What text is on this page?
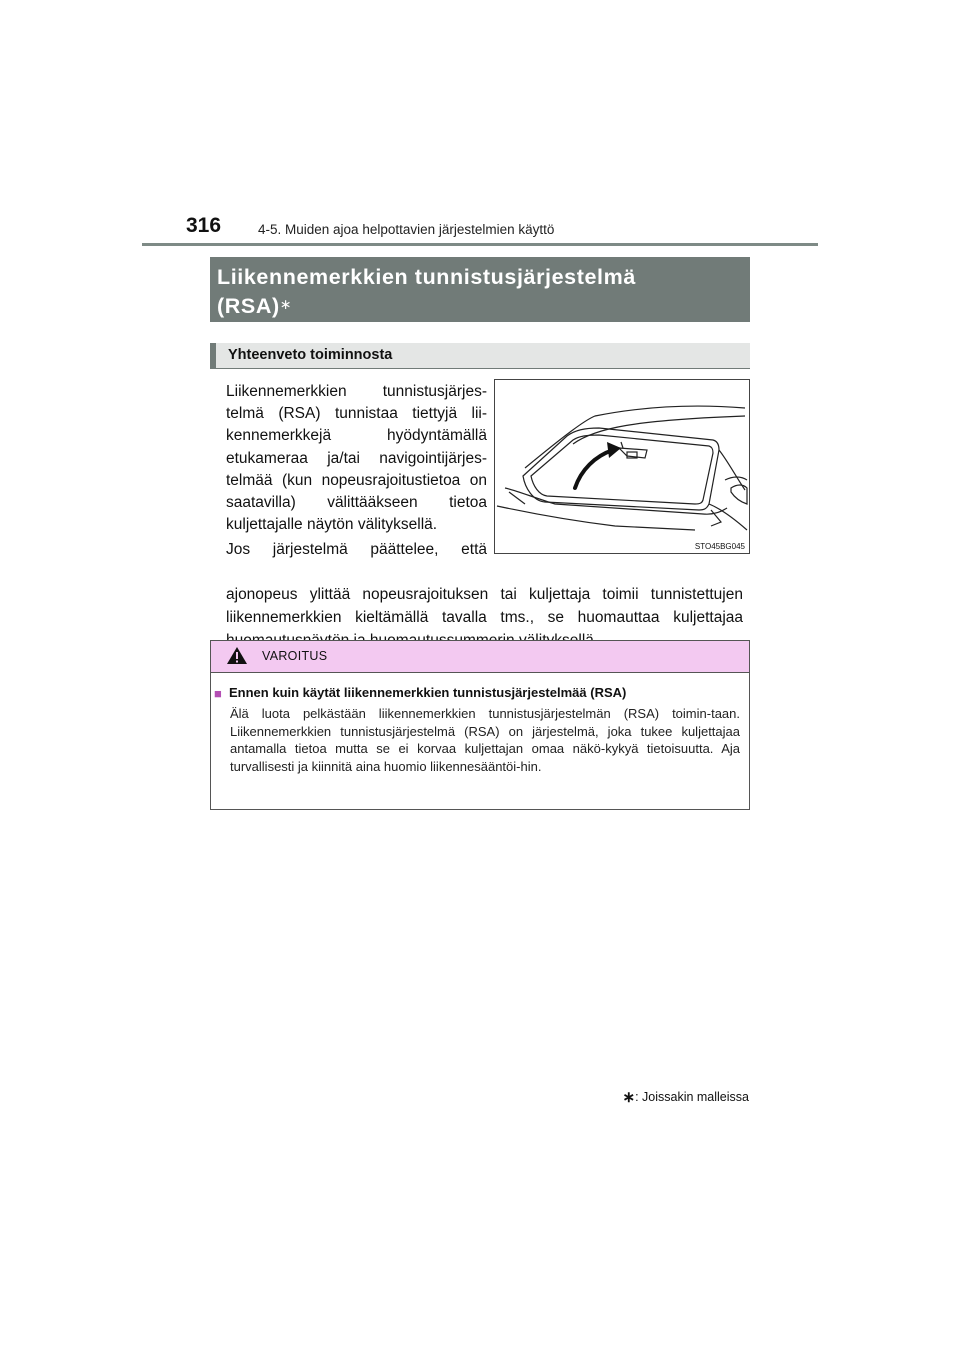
316	4-5. Muiden ajoa helpottavien järjestelmien käyttö
Liikennemerkkien tunnistusjärjestelmä
(RSA)∗
Yhteenveto toiminnosta
Liikennemerkkien tunnistusjärjes-telmä (RSA) tunnistaa tiettyjä lii-kennemerkkejä hyödyntämällä etukameraa ja/tai navigointijärjes-telmää (kun nopeusrajoitustietoa on saatavilla) välittääkseen tietoa kuljettajalle näytön välityksellä.
Jos järjestelmä päättelee, että
ajonopeus ylittää nopeusrajoituksen tai kuljettaja toimii tunnistettujen liikennemerkkien kieltämällä tavalla tms., se huomauttaa kuljettajaa
STO45BG045
VAROITUS
■ Ennen kuin käytät liikennemerkkien tunnistusjärjestelmää (RSA)
Älä luota pelkästään liikennemerkkien tunnistusjärjestelmän (RSA) toimin-taan. Liikennemerkkien tunnistusjärjestelmä (RSA) on järjestelmä, joka tukee kuljettajaa antamalla tietoa mutta se ei korvaa kuljettajan omaa näkö-kykyä tietoisuutta. Aja turvallisesti ja kiinnitä aina huomio liikennesääntöi-hin.
∗: Joissakin malleissa
